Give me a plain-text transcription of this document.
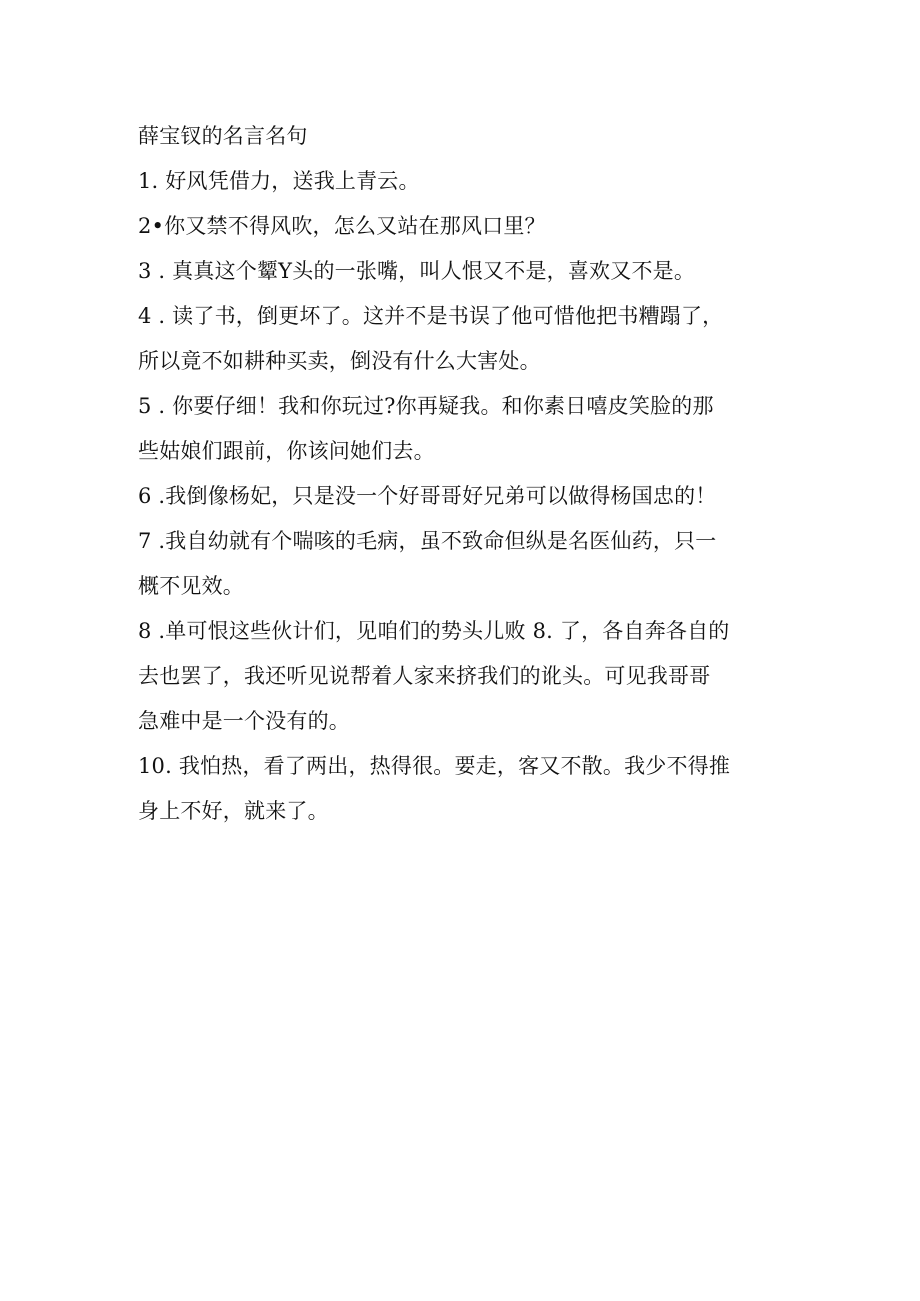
薛宝钗的名言名句
1. 好风凭借力，送我上青云。
2•你又禁不得风吹，怎么又站在那风口里？
3 . 真真这个颦Y头的一张嘴，叫人恨又不是，喜欢又不是。
4 . 读了书，倒更坏了。这并不是书误了他可惜他把书糟蹋了，
所以竟不如耕种买卖，倒没有什么大害处。
5 . 你要仔细！我和你玩过?你再疑我。和你素日嘻皮笑脸的那
些姑娘们跟前，你该问她们去。
6 .我倒像杨妃，只是没一个好哥哥好兄弟可以做得杨国忠的！
7 .我自幼就有个喘咳的毛病，虽不致命但纵是名医仙药，只一
概不见效。
8 .单可恨这些伙计们，见咱们的势头儿败 8. 了，各自奔各自的
去也罢了，我还听见说帮着人家来挤我们的讹头。可见我哥哥
急难中是一个没有的。
10. 我怕热，看了两出，热得很。要走，客又不散。我少不得推
身上不好，就来了。
